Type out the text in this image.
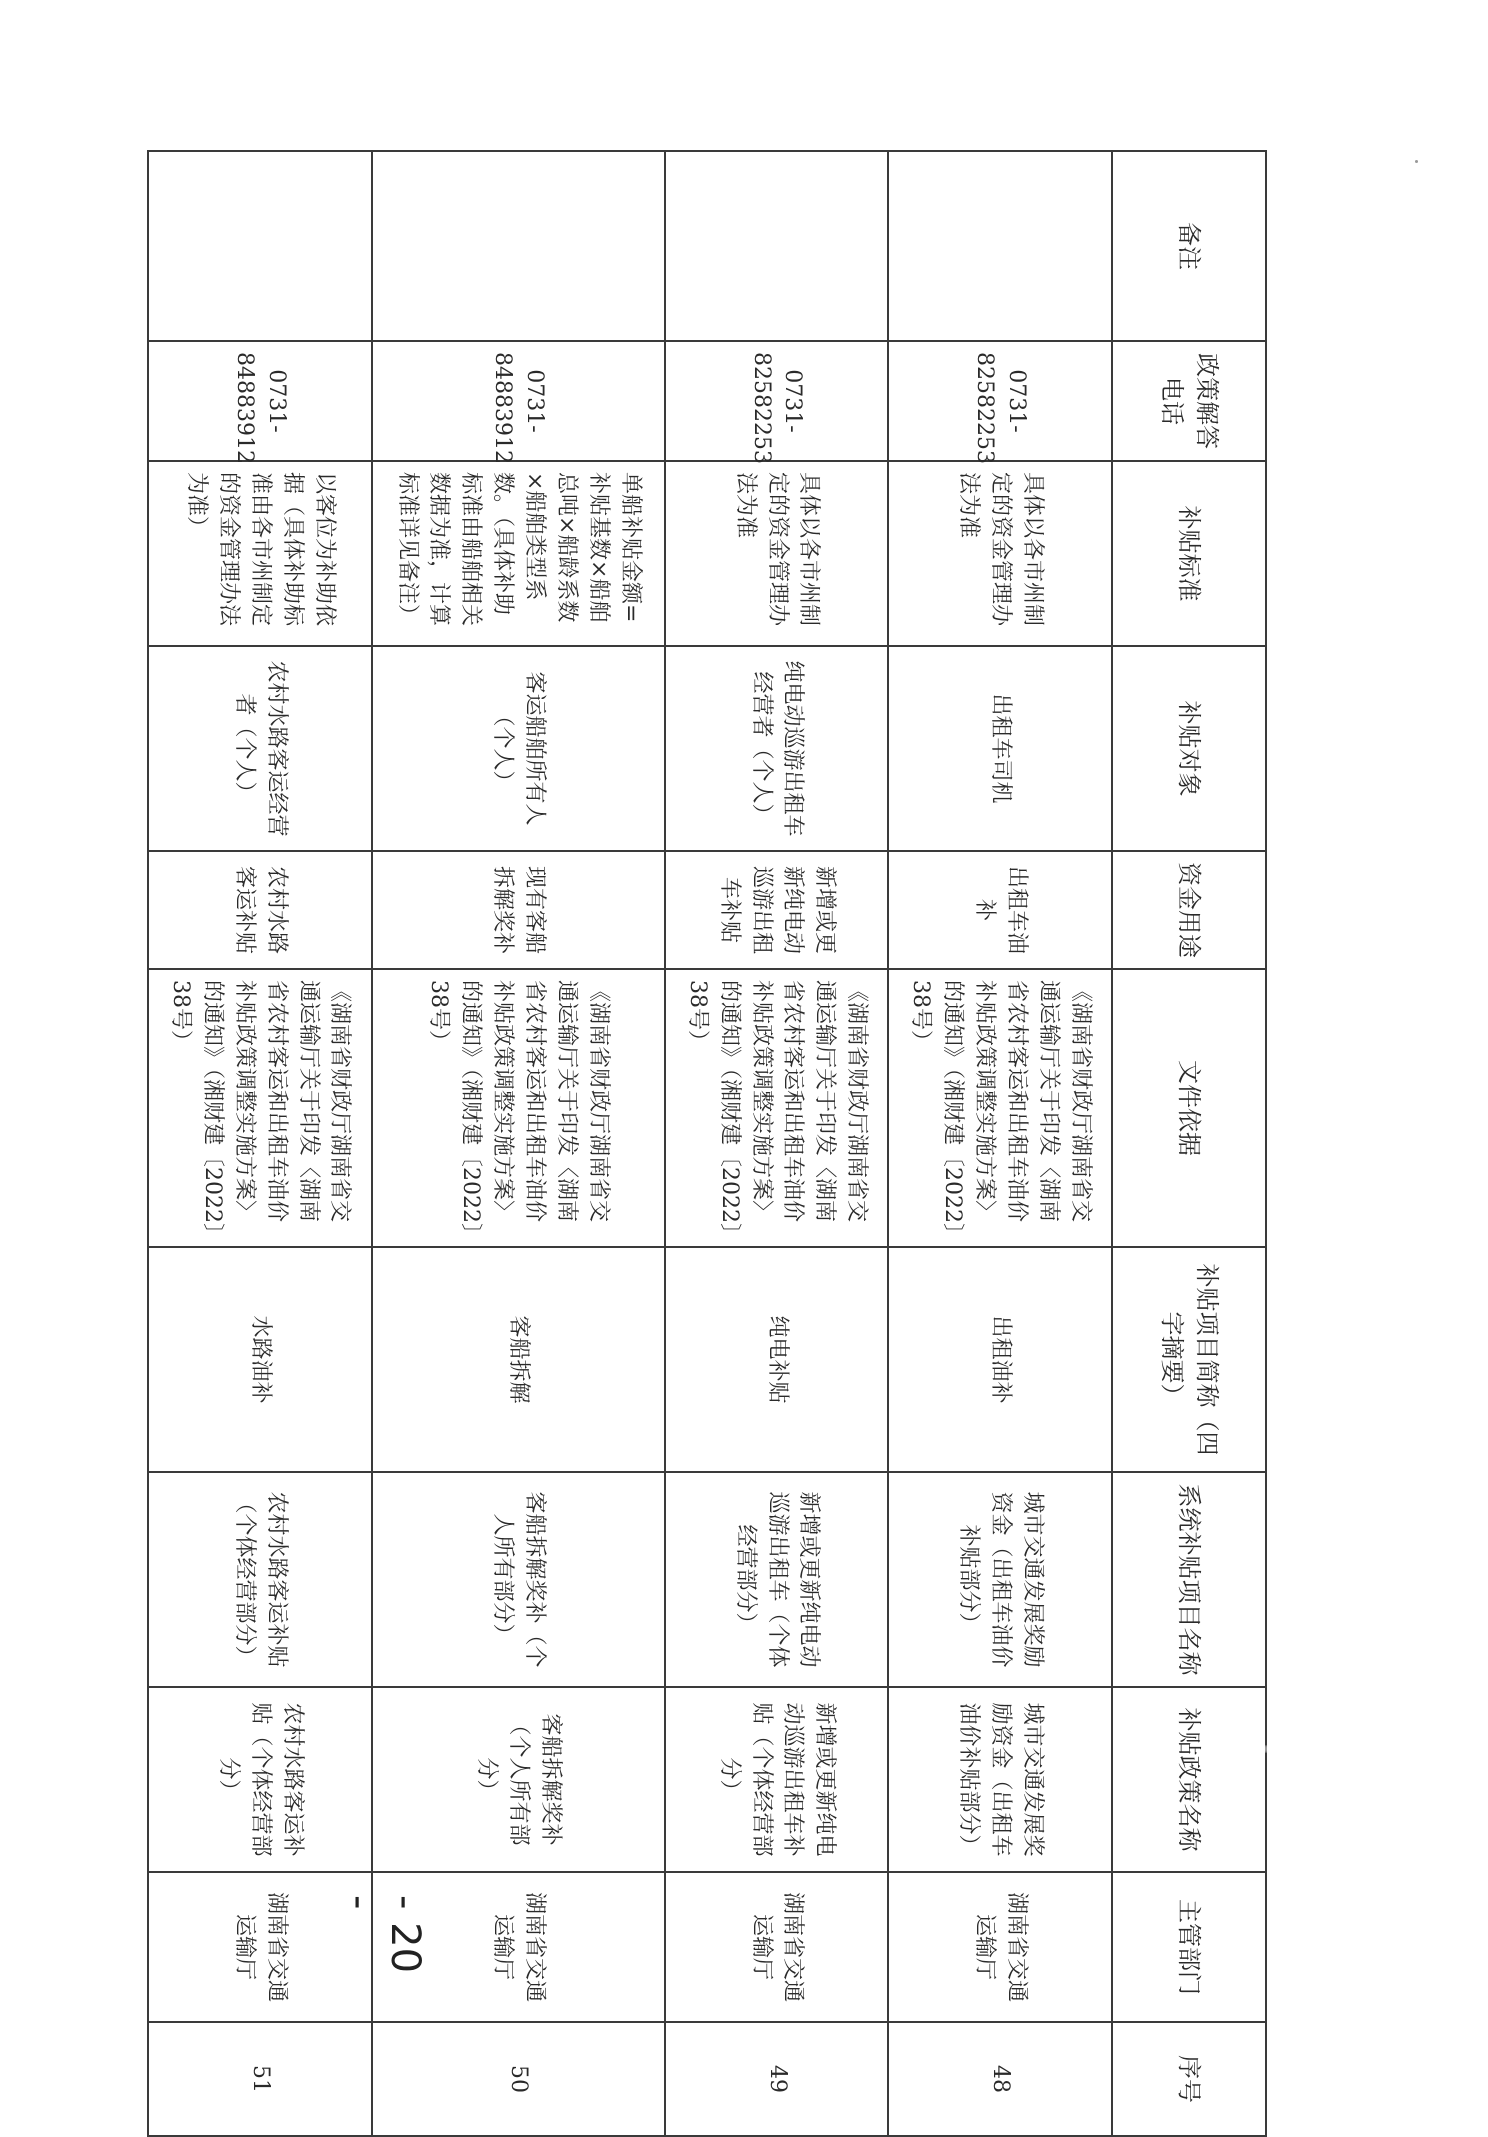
备注	政策解答电话	补贴标准	补贴对象	资金用途	文件依据	补贴项目简称（四字摘要）	系统补贴项目名称	补贴政策名称	主管部门	序号
	0731-82582253	具体以各市州制定的资金管理办法为准	出租车司机	出租车油补	《湖南省财政厅湖南省交通运输厅关于印发〈湖南省农村客运和出租车油价补贴政策调整实施方案〉的通知》（湘财建〔2022〕38号）	出租油补	城市交通发展奖励资金（出租车油价补贴部分）	城市交通发展奖励资金（出租车油价补贴部分）	湖南省交通运输厅	48
	0731-82582253	具体以各市州制定的资金管理办法为准	纯电动巡游出租车经营者（个人）	新增或更新纯电动巡游出租车补贴	《湖南省财政厅湖南省交通运输厅关于印发〈湖南省农村客运和出租车油价补贴政策调整实施方案〉的通知》（湘财建〔2022〕38号）	纯电补贴	新增或更新纯电动巡游出租车（个体经营部分）	新增或更新纯电动巡游出租车补贴（个体经营部分）	湖南省交通运输厅	49
	0731-84883912	单船补贴金额=补贴基数×船舶总吨×船龄系数×船舶类型系数。（具体补助标准由船舶相关数据为准，计算标准详见备注）	客运船舶所有人（个人）	现有客船拆解奖补	《湖南省财政厅湖南省交通运输厅关于印发〈湖南省农村客运和出租车油价补贴政策调整实施方案〉的通知》（湘财建〔2022〕38号）	客船拆解	客船拆解奖补（个人所有部分）	客船拆解奖补（个人所有部分）	湖南省交通运输厅	50
	0731-84883912	以客位为补助依据（具体补助标准由各市州制定的资金管理办法为准）	农村水路客运经营者（个人）	农村水路客运补贴	《湖南省财政厅湖南省交通运输厅关于印发〈湖南省农村客运和出租车油价补贴政策调整实施方案〉的通知》（湘财建〔2022〕38号）	水路油补	农村水路客运补贴（个体经营部分）	农村水路客运补贴（个体经营部分）	湖南省交通运输厅	51
- 20 -
